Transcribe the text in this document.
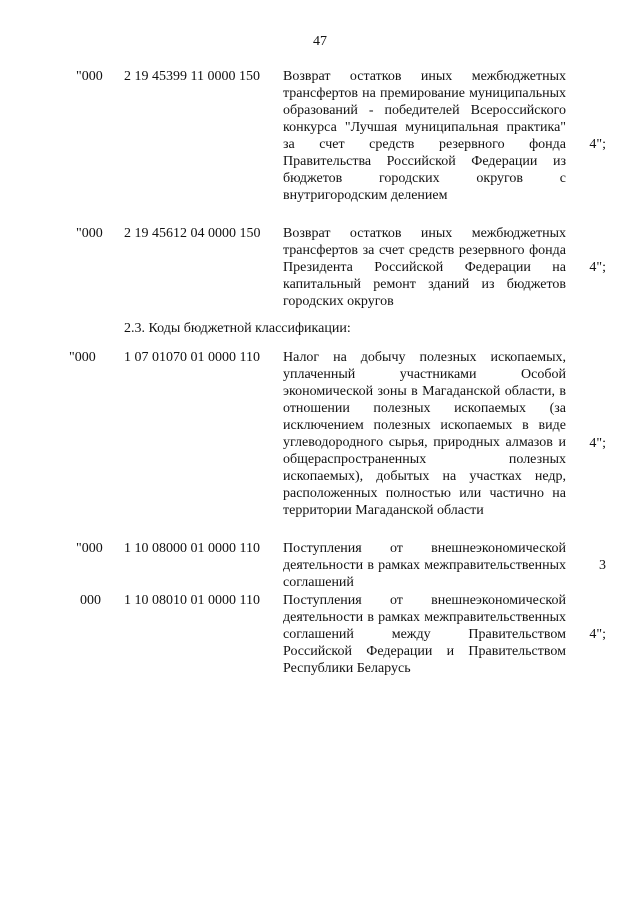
47
"000 2 19 45399 11 0000 150 Возврат остатков иных межбюджетных трансфертов на премирование муниципальных образований - победителей Всероссийского конкурса "Лучшая муниципальная практика" за счет средств резервного фонда Правительства Российской Федерации из бюджетов городских округов с внутригородским делением
4";
"000 2 19 45612 04 0000 150 Возврат остатков иных межбюджетных трансфертов за счет средств резервного фонда Президента Российской Федерации на капитальный ремонт зданий из бюджетов городских округов
4";
2.3. Коды бюджетной классификации:
"000 1 07 01070 01 0000 110 Налог на добычу полезных ископаемых, уплаченный участниками Особой экономической зоны в Магаданской области, в отношении полезных ископаемых (за исключением полезных ископаемых в виде углеводородного сырья, природных алмазов и общераспространенных полезных ископаемых), добытых на участках недр, расположенных полностью или частично на территории Магаданской области
4";
"000 1 10 08000 01 0000 110 Поступления от внешнеэкономической деятельности в рамках межправительственных соглашений
3
000 1 10 08010 01 0000 110 Поступления от внешнеэкономической деятельности в рамках межправительственных соглашений между Правительством Российской Федерации и Правительством Республики Беларусь
4";
